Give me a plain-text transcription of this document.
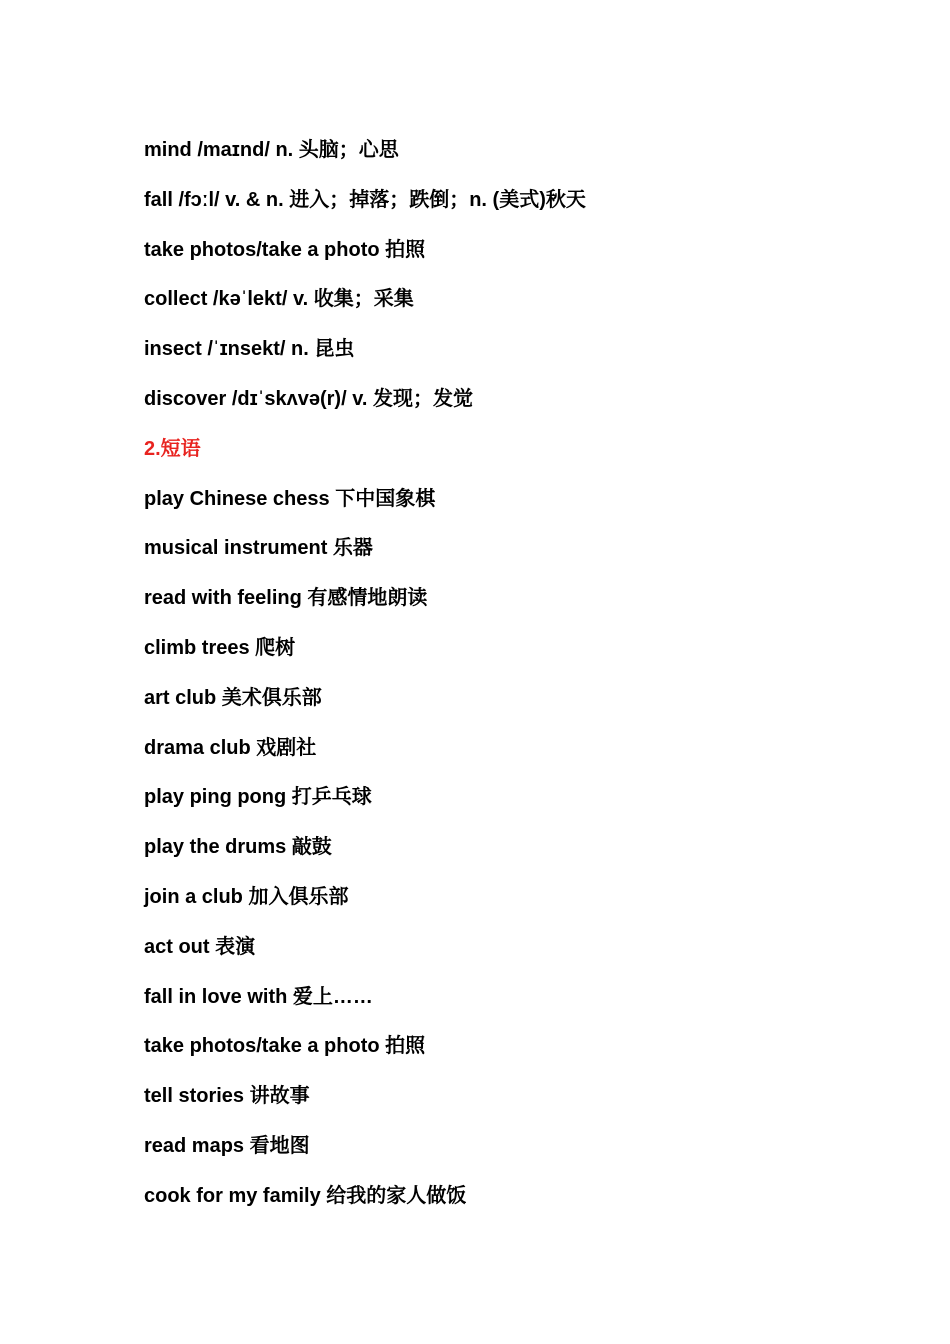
mind /maɪnd/ n. 头脑；心思
fall /fɔːl/ v. & n. 进入；掉落；跌倒；n. (美式)秋天
take photos/take a photo 拍照
collect /kəˈlekt/ v. 收集；采集
insect /ˈɪnsekt/ n. 昆虫
discover /dɪˈskʌvə(r)/ v. 发现；发觉
2.短语
play Chinese chess 下中国象棋
musical instrument 乐器
read with feeling 有感情地朗读
climb trees 爬树
art club 美术俱乐部
drama club 戏剧社
play ping pong 打乒乓球
play the drums 敲鼓
join a club 加入俱乐部
act out 表演
fall in love with 爱上……
take photos/take a photo 拍照
tell stories 讲故事
read maps 看地图
cook for my family 给我的家人做饭
